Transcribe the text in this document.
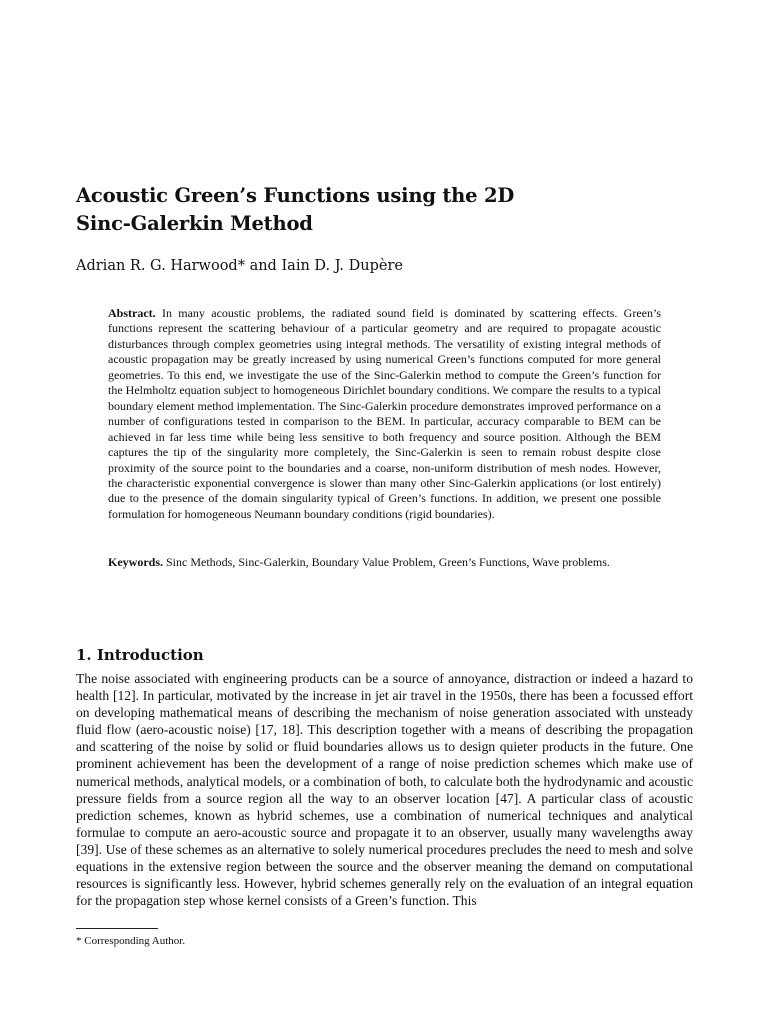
Acoustic Green’s Functions using the 2D
Sinc-Galerkin Method

Adrian R. G. Harwood* and Iain D. J. Dupère

Abstract. In many acoustic problems, the radiated sound field is dominated by scattering effects. Green’s functions represent the scattering behaviour of a particular geometry and are required to propagate acoustic disturbances through complex geometries using integral methods. The versatility of existing integral methods of acoustic propagation may be greatly increased by using numerical Green’s functions computed for more general geometries. To this end, we investigate the use of the Sinc-Galerkin method to compute the Green’s function for the Helmholtz equation subject to homogeneous Dirichlet boundary conditions. We compare the results to a typical boundary element method implementation. The Sinc-Galerkin procedure demonstrates improved performance on a number of configurations tested in comparison to the BEM. In particular, accuracy comparable to BEM can be achieved in far less time while being less sensitive to both frequency and source position. Although the BEM captures the tip of the singularity more completely, the Sinc-Galerkin is seen to remain robust despite close proximity of the source point to the boundaries and a coarse, non-uniform distribution of mesh nodes. However, the characteristic exponential convergence is slower than many other Sinc-Galerkin applications (or lost entirely) due to the presence of the domain singularity typical of Green’s functions. In addition, we present one possible formulation for homogeneous Neumann boundary conditions (rigid boundaries).

Keywords. Sinc Methods, Sinc-Galerkin, Boundary Value Problem, Green’s Functions, Wave problems.

1. Introduction

The noise associated with engineering products can be a source of annoyance, distraction or indeed a hazard to health [12]. In particular, motivated by the increase in jet air travel in the 1950s, there has been a focussed effort on developing mathematical means of describing the mechanism of noise generation associated with unsteady fluid flow (aero-acoustic noise) [17, 18]. This description together with a means of describing the propagation and scattering of the noise by solid or fluid boundaries allows us to design quieter products in the future. One prominent achievement has been the development of a range of noise prediction schemes which make use of numerical methods, analytical models, or a combination of both, to calculate both the hydrodynamic and acoustic pressure fields from a source region all the way to an observer location [47]. A particular class of acoustic prediction schemes, known as hybrid schemes, use a combination of numerical techniques and analytical formulae to compute an aero-acoustic source and propagate it to an observer, usually many wavelengths away [39]. Use of these schemes as an alternative to solely numerical procedures precludes the need to mesh and solve equations in the extensive region between the source and the observer meaning the demand on computational resources is significantly less. However, hybrid schemes generally rely on the evaluation of an integral equation for the propagation step whose kernel consists of a Green’s function. This

* Corresponding Author.
